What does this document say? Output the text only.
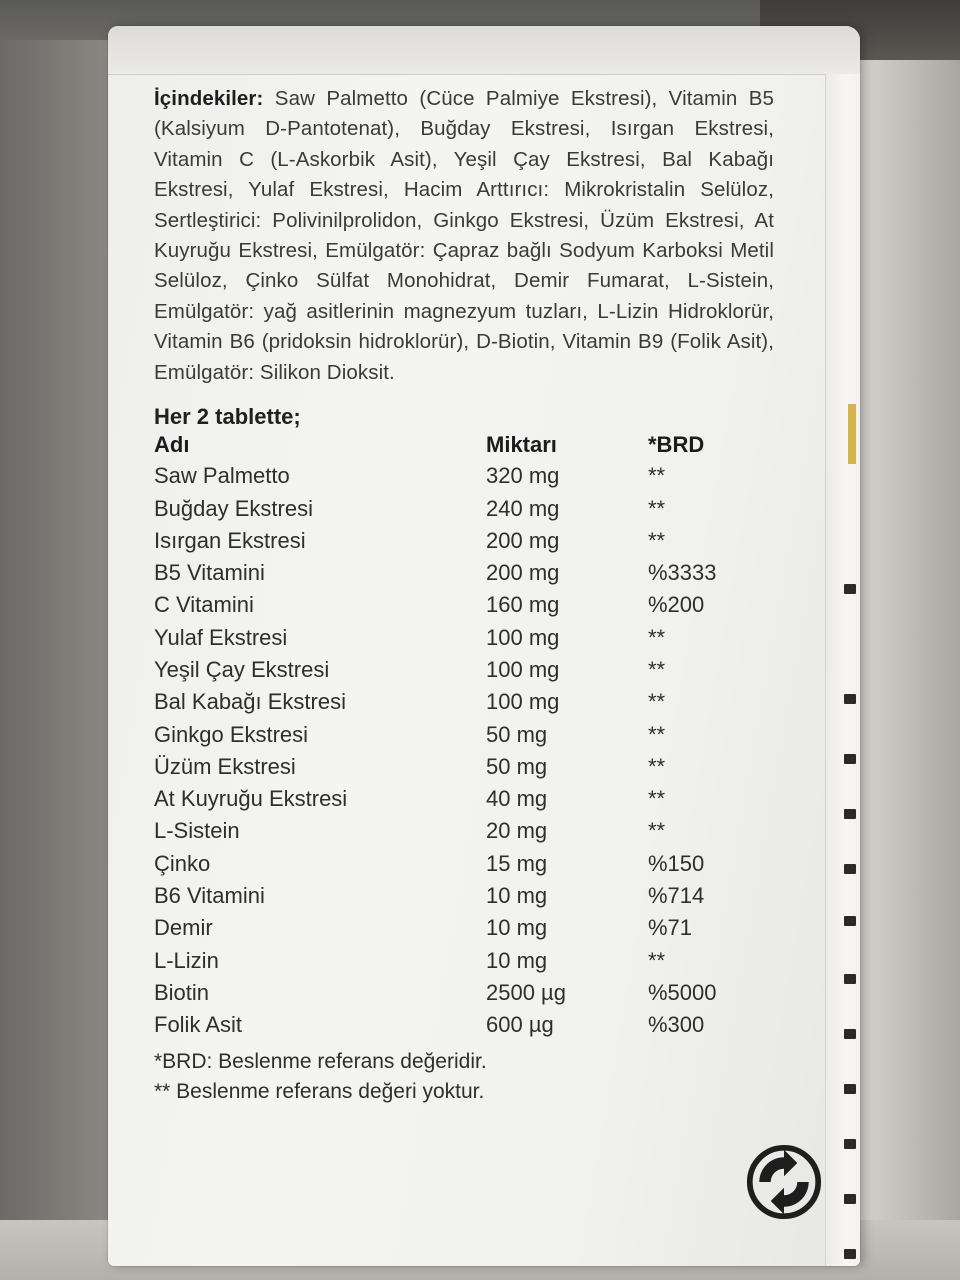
İçindekiler: Saw Palmetto (Cüce Palmiye Ekstresi), Vitamin B5 (Kalsiyum D-Pantotenat), Buğday Ekstresi, Isırgan Ekstresi, Vitamin C (L-Askorbik Asit), Yeşil Çay Ekstresi, Bal Kabağı Ekstresi, Yulaf Ekstresi, Hacim Arttırıcı: Mikrokristalin Selüloz, Sertleştirici: Polivinilprolidon, Ginkgo Ekstresi, Üzüm Ekstresi, At Kuyruğu Ekstresi, Emülgatör: Çapraz bağlı Sodyum Karboksi Metil Selüloz, Çinko Sülfat Monohidrat, Demir Fumarat, L-Sistein, Emülgatör: yağ asitlerinin magnezyum tuzları, L-Lizin Hidroklorür, Vitamin B6 (pridoksin hidroklorür), D-Biotin, Vitamin B9 (Folik Asit), Emülgatör: Silikon Dioksit.

Her 2 tablette;
Adı	Miktarı	*BRD
Saw Palmetto	320 mg	**
Buğday Ekstresi	240 mg	**
Isırgan Ekstresi	200 mg	**
B5 Vitamini	200 mg	%3333
C Vitamini	160 mg	%200
Yulaf Ekstresi	100 mg	**
Yeşil Çay Ekstresi	100 mg	**
Bal Kabağı Ekstresi	100 mg	**
Ginkgo Ekstresi	50 mg	**
Üzüm Ekstresi	50 mg	**
At Kuyruğu Ekstresi	40 mg	**
L-Sistein	20 mg	**
Çinko	15 mg	%150
B6 Vitamini	10 mg	%714
Demir	10 mg	%71
L-Lizin	10 mg	**
Biotin	2500 µg	%5000
Folik Asit	600 µg	%300
*BRD: Beslenme referans değeridir.
** Beslenme referans değeri yoktur.
